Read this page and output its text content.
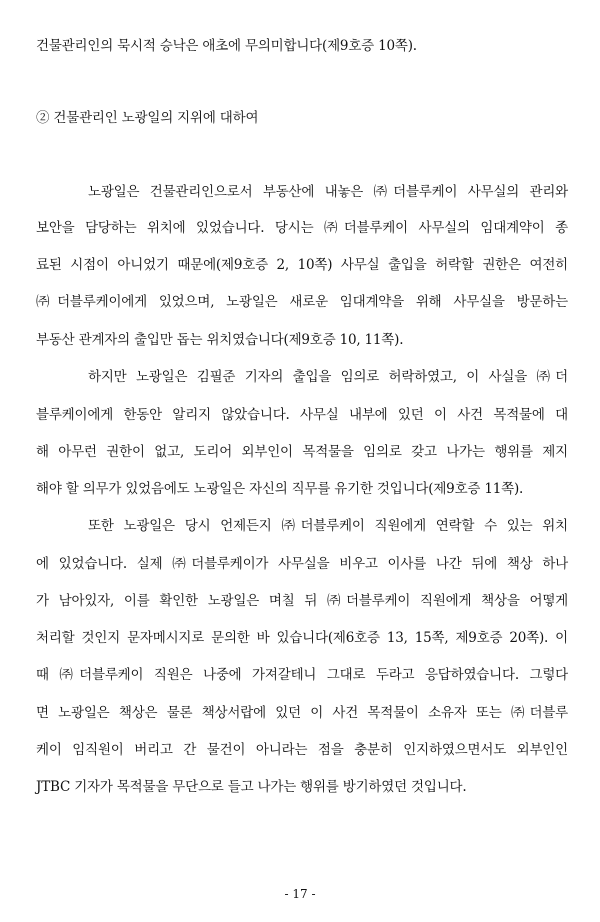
건물관리인의 묵시적 승낙은 애초에 무의미합니다(제9호증 10쪽).
② 건물관리인 노광일의 지위에 대하여
노광일은 건물관리인으로서 부동산에 내놓은 ㈜더블루케이 사무실의 관리와
보안을 담당하는 위치에 있었습니다. 당시는 ㈜더블루케이 사무실의 임대계약이 종
료된 시점이 아니었기 때문에(제9호증 2, 10쪽) 사무실 출입을 허락할 권한은 여전히
㈜더블루케이에게 있었으며, 노광일은 새로운 임대계약을 위해 사무실을 방문하는
부동산 관계자의 출입만 돕는 위치였습니다(제9호증 10, 11쪽).
하지만 노광일은 김필준 기자의 출입을 임의로 허락하였고, 이 사실을 ㈜더
블루케이에게 한동안 알리지 않았습니다. 사무실 내부에 있던 이 사건 목적물에 대
해 아무런 권한이 없고, 도리어 외부인이 목적물을 임의로 갖고 나가는 행위를 제지
해야 할 의무가 있었음에도 노광일은 자신의 직무를 유기한 것입니다(제9호증 11쪽).
또한 노광일은 당시 언제든지 ㈜더블루케이 직원에게 연락할 수 있는 위치
에 있었습니다. 실제 ㈜더블루케이가 사무실을 비우고 이사를 나간 뒤에 책상 하나
가 남아있자, 이를 확인한 노광일은 며칠 뒤 ㈜더블루케이 직원에게 책상을 어떻게
처리할 것인지 문자메시지로 문의한 바 있습니다(제6호증 13, 15쪽, 제9호증 20쪽). 이
때 ㈜더블루케이 직원은 나중에 가져갈테니 그대로 두라고 응답하였습니다. 그렇다
면 노광일은 책상은 물론 책상서랍에 있던 이 사건 목적물이 소유자 또는 ㈜더블루
케이 임직원이 버리고 간 물건이 아니라는 점을 충분히 인지하였으면서도 외부인인
JTBC 기자가 목적물을 무단으로 들고 나가는 행위를 방기하였던 것입니다.
- 17 -
